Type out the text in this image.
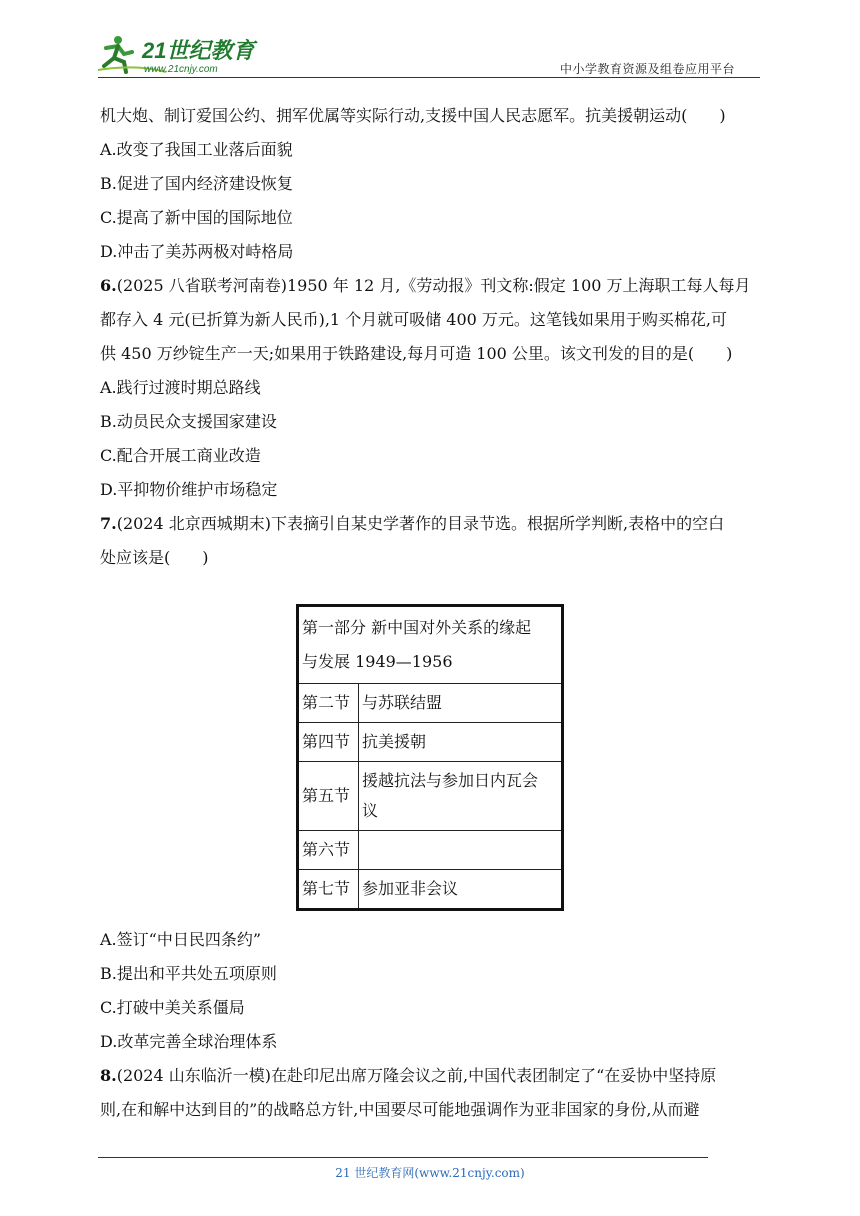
21世纪教育
www.21cnjy.com	中小学教育资源及组卷应用平台
机大炮、制订爱国公约、拥军优属等实际行动,支援中国人民志愿军。抗美援朝运动(　　)
A.改变了我国工业落后面貌
B.促进了国内经济建设恢复
C.提高了新中国的国际地位
D.冲击了美苏两极对峙格局
6.(2025 八省联考河南卷)1950 年 12 月,《劳动报》刊文称:假定 100 万上海职工每人每月
都存入 4 元(已折算为新人民币),1 个月就可吸储 400 万元。这笔钱如果用于购买棉花,可
供 450 万纱锭生产一天;如果用于铁路建设,每月可造 100 公里。该文刊发的目的是(　　)
A.践行过渡时期总路线
B.动员民众支援国家建设
C.配合开展工商业改造
D.平抑物价维护市场稳定
7.(2024 北京西城期末)下表摘引自某史学著作的目录节选。根据所学判断,表格中的空白
处应该是(　　)
第一部分 新中国对外关系的缘起
与发展 1949—1956	

第二节	与苏联结盟
第四节	抗美援朝
第五节	援越抗法与参加日内瓦会
议

第六节	
第七节	参加亚非会议
A.签订“中日民四条约”
B.提出和平共处五项原则
C.打破中美关系僵局
D.改革完善全球治理体系
8.(2024 山东临沂一模)在赴印尼出席万隆会议之前,中国代表团制定了“在妥协中坚持原
则,在和解中达到目的”的战略总方针,中国要尽可能地强调作为亚非国家的身份,从而避
21 世纪教育网(www.21cnjy.com)
